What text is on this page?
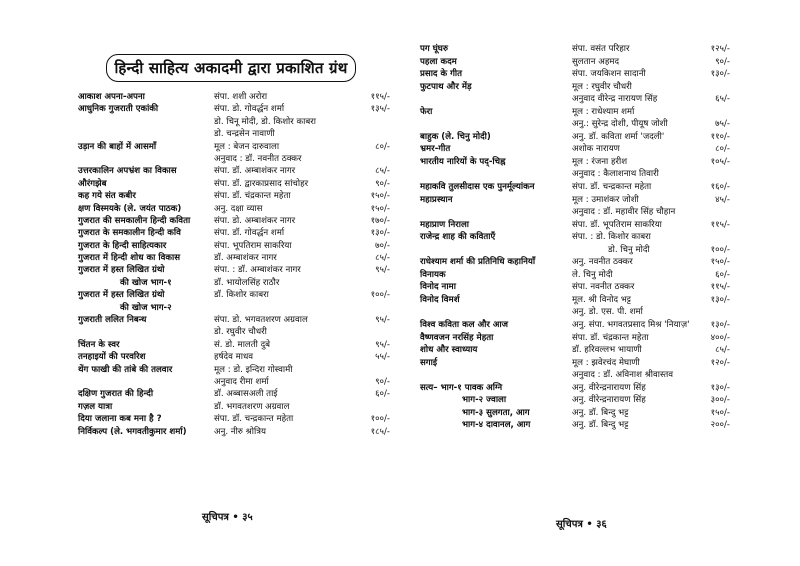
हिन्दी साहित्य अकादमी द्वारा प्रकाशित ग्रंथ
आकाश अपना-अपना	संपा. शशी अरोरा	११५/-
आधुनिक गुजराती एकांकी	संपा. डो. गोवर्द्धन शर्मा	१३५/-
डो. चिनू मोदी, डो. किशोर काबरा
डो. चन्द्रसेन नावाणी
उड़ान की बाहों में आसमाँ	मूल : बेजन दारुवाला	८०/-
अनुवाद : डॉ. नवनीत ठक्कर
उत्तरकालिन अपभ्रंश का विकास	संपा. डॉ. अम्बाशंकर नागर	८५/-
औरंगझेब	संपा. डॉ. द्वारकाप्रसाद सांचोहर	९०/-
कह गये संत कबीर	संपा. डॉ. चंद्रकान्त महेता	१५०/-
क्षण विस्मयके (ले. जयंत पाठक)	अनु. दक्षा व्यास	१५०/-
गुजरात की समकालीन हिन्दी कविता	संपा. डो. अम्बाशंकर नागर	१७०/-
गुजरात के समकालीन हिन्दी कवि	संपा. डॉ. गोवर्द्धन शर्मा	१३०/-
गुजरात के हिन्दी साहित्यकार	संपा. भूपतिराम साकरिया	७०/-
गुजरात में हिन्दी शोध का विकास	डॉ. अम्बाशंकर नागर	८५/-
गुजरात में हस्त लिखित ग्रंथो	संपा. : डॉ. अम्बाशंकर नागर	९५/-
की खोज भाग-१	डॉ. भायोलसिंह राठौर
गुजरात में हस्त लिखित ग्रंथो	डॉ. किशोर काबरा	१००/-
की खोज भाग-२
गुजराती ललित निबन्ध	संपा. डो. भगवतशरण अग्रवाल	९५/-
डो. रघुवीर चौधरी
चिंतन के स्वर	सं. डो. मालती दुबे	९५/-
तनहाइयों की परवरिश	हर्षदेव माधव	५५/-
थेंग फाखी की तांबे की तलवार	मूल : डो. इन्दिरा गोस्वामी
अनुवाद रीमा शर्मा	९०/-
दक्षिण गुजरात की हिन्दी	डॉ. अब्बासअली ताई	६०/-
गज़ल यात्रा	डॉ. भगवतशरण अग्रवाल
दिया जलाना कब मना है ?	संपा. डॉ. चन्द्रकान्त महेता	१००/-
निर्विकल्प (ले. भगवतीकुमार शर्मा)	अनु. नीरु श्रोत्रिय	१८५/-
सूचिपत्र • ३५
पग घूंघरु	संपा. वसंत परिहार	१२५/-
पहला कदम	सुलतान अहमद	९०/-
प्रसाद के गीत	संपा. जयकिशन सादानी	१३०/-
फुटपाथ और मेंड़	मूल : रघुवीर चौधरी
अनुवाद वीरेन्द्र नारायण सिंह	६५/-
फेरा	मूल : राधेश्याम शर्मा
अनु.: सुरेन्द्र दोशी, पीयूष जोशी	७५/-
बाहुक (ले. चिनु मोदी)	अनु. डॉ. कविता शर्मा 'जदली'	११०/-
भ्रमर-गीत	अशोक नारायण	८०/-
भारतीय नारियों के पद्-चिह्न	मूल : रंजना हरीश	१०५/-
अनुवाद : कैलाशनाथ तिवारी
महाकवि तुलसीदास एक पुनर्मूल्यांकन	संपा. डॉ. चन्द्रकान्त महेता	१६०/-
महाप्रस्थान	मूल : उमाशंकर जोशी	४५/-
अनुवाद : डॉ. महावीर सिंह चौहान
महाप्राण निराला	संपा. डॉ. भूपतिराम साकरिया	११५/-
राजेन्द्र शाह की कविताएँ	संपा. : डो. किशोर काबरा
डो. चिनु मोदी	१००/-
राधेश्याम शर्मा की प्रतिनिधि कहानियाँ	अनु. नवनीत ठक्कर	१५०/-
विनायक	ले. चिनु मोदी	६०/-
विनोद नामा	संपा. नवनीत ठक्कर	११५/-
विनोद विमर्श	मूल. श्री विनोद भट्ट	१३०/-
अनु. डो. एस. पी. शर्मा
विश्व कविता कल और आज	अनु. संपा. भगवतप्रसाद मिश्र 'नियाज़' १३०/-
वैष्णवजन नरसिंह मेहता	संपा. डॉ. चंद्रकान्त महेता	४००/-
शोध और स्वाध्याय	डॉ. हरिवल्लभ भायाणी	८५/-
सगाई	मूल : झवेरचंद मेघाणी	१२०/-
अनुवाद : डॉ. अविनाश श्रीवास्तव
सत्य– भाग-१ पावक अग्नि	अनु. वीरेन्द्रनारायण सिंह	१३०/-
भाग-२ ज्वाला	अनु. वीरेन्द्रनारायण सिंह	३००/-
भाग-३ सुलगता, आग	अनु. डॉ. बिन्दु भट्ट	१५०/-
भाग-४ दावानल, आग	अनु. डॉ. बिन्दु भट्ट	२००/-
सूचिपत्र • ३६
